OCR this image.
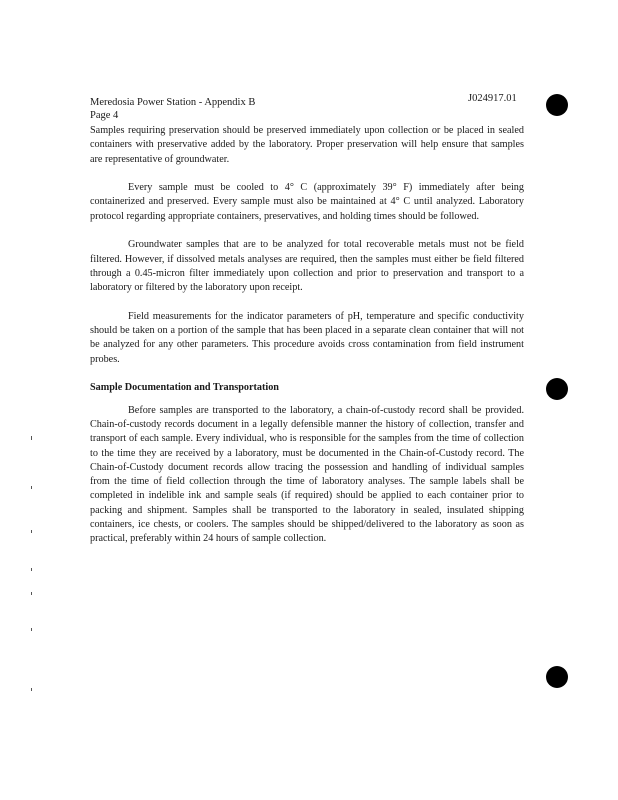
Meredosia Power Station - Appendix B
Page 4
J024917.01

Samples requiring preservation should be preserved immediately upon collection or be placed in sealed containers with preservative added by the laboratory. Proper preservation will help ensure that samples are representative of groundwater.

Every sample must be cooled to 4° C (approximately 39° F) immediately after being containerized and preserved. Every sample must also be maintained at 4° C until analyzed. Laboratory protocol regarding appropriate containers, preservatives, and holding times should be followed.

Groundwater samples that are to be analyzed for total recoverable metals must not be field filtered. However, if dissolved metals analyses are required, then the samples must either be field filtered through a 0.45-micron filter immediately upon collection and prior to preservation and transport to a laboratory or filtered by the laboratory upon receipt.

Field measurements for the indicator parameters of pH, temperature and specific conductivity should be taken on a portion of the sample that has been placed in a separate clean container that will not be analyzed for any other parameters. This procedure avoids cross contamination from field instrument probes.

Sample Documentation and Transportation

Before samples are transported to the laboratory, a chain-of-custody record shall be provided. Chain-of-custody records document in a legally defensible manner the history of collection, transfer and transport of each sample. Every individual, who is responsible for the samples from the time of collection to the time they are received by a laboratory, must be documented in the Chain-of-Custody record. The Chain-of-Custody document records allow tracing the possession and handling of individual samples from the time of field collection through the time of laboratory analyses. The sample labels shall be completed in indelible ink and sample seals (if required) should be applied to each container prior to packing and shipment. Samples shall be transported to the laboratory in sealed, insulated shipping containers, ice chests, or coolers. The samples should be shipped/delivered to the laboratory as soon as practical, preferably within 24 hours of sample collection.
